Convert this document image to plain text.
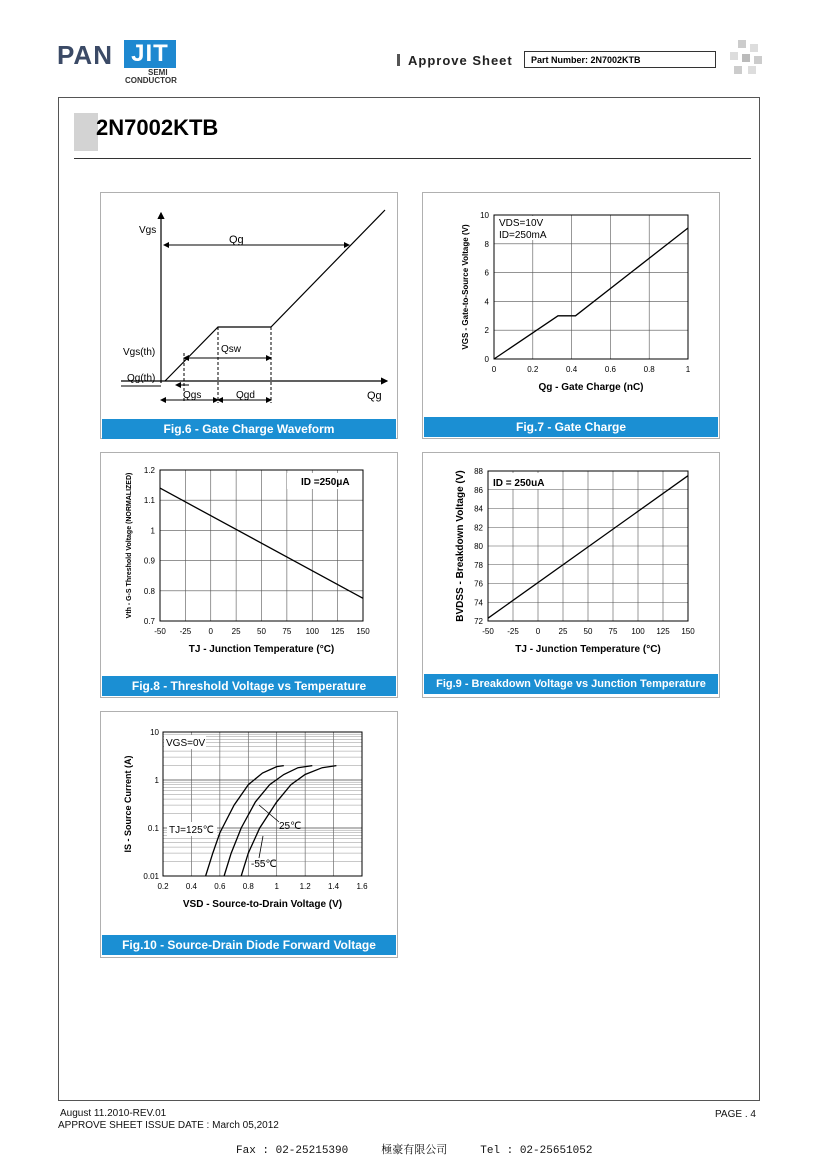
PAN JIT
SEMI
CONDUCTOR
Approve Sheet	Part Number: 2N7002KTB
2N7002KTB
Vgs
Qg
Vgs(th)
Qg(th)
Qsw
Qgs	Qgd	Qg
Fig.6 - Gate Charge Waveform
0	0.2	0.4	0.6	0.8	1
0
2
4
6
8
10
Qg - Gate Charge (nC)
VGS - Gate-to-Source Voltage (V)
VDS=10V
ID=250mA
Fig.7 - Gate Charge
-50 -25 0 25 50 75 100 125 150
0.7
0.8
0.9
1
1.1
1.2
TJ - Junction Temperature (°C)
Vth - G-S Threshold Voltage (NORMALIZED)	ID =250μA
Fig.8 - Threshold Voltage vs Temperature
-50 -25 0 25 50 75 100 125 150
72
74
76
78
80
82
84
86
88
TJ - Junction Temperature (°C)
BVDSS - Breakdown Voltage (V)	ID = 250uA
Fig.9 - Breakdown Voltage vs Junction Temperature
0.2 0.4 0.6 0.8	1	1.2 1.4 1.6
0.01
0.1
1
10
VSD - Source-to-Drain Voltage (V)
IS - Source Current (A)
VGS=0V
TJ=125℃	25℃
-55℃
Fig.10 - Source-Drain Diode Forward Voltage
August 11.2010-REV.01
APPROVE SHEET ISSUE DATE : March 05,2012
PAGE . 4
Fax : 02-25215390     極豪有限公司     Tel : 02-25651052
